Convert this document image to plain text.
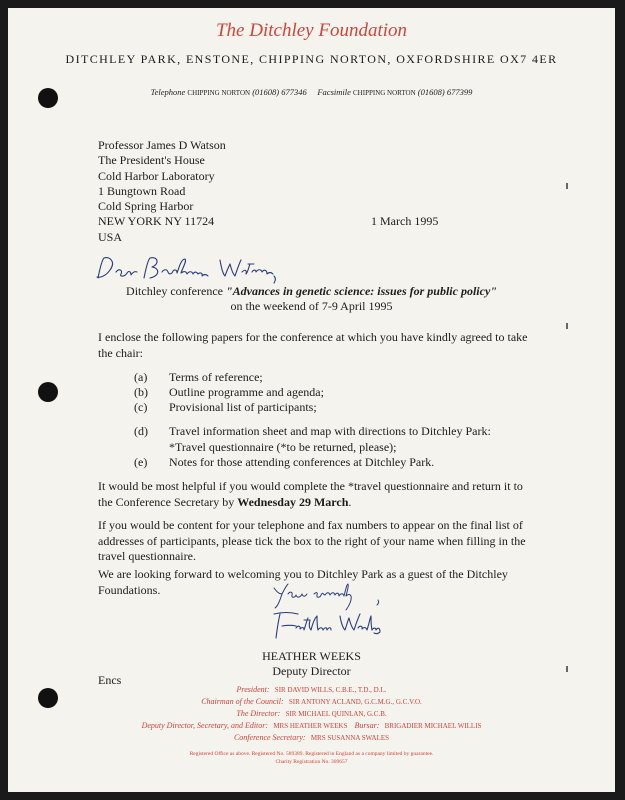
The Ditchley Foundation
DITCHLEY PARK, ENSTONE, CHIPPING NORTON, OXFORDSHIRE OX7 4ER
Telephone CHIPPING NORTON (01608) 677346 Facsimile CHIPPING NORTON (01608) 677399
Professor James D Watson
The President's House
Cold Harbor Laboratory
1 Bungtown Road
Cold Spring Harbor
NEW YORK NY 11724
USA
1 March 1995
Ditchley conference "Advances in genetic science: issues for public policy"
on the weekend of 7-9 April 1995
I enclose the following papers for the conference at which you have kindly agreed to take
the chair:
(a) Terms of reference;
(b) Outline programme and agenda;
(c) Provisional list of participants;
(d) Travel information sheet and map with directions to Ditchley Park:
*Travel questionnaire (*to be returned, please);
(e) Notes for those attending conferences at Ditchley Park.
It would be most helpful if you would complete the *travel questionnaire and return it to
the Conference Secretary by Wednesday 29 March.
If you would be content for your telephone and fax numbers to appear on the final list of
addresses of participants, please tick the box to the right of your name when filling in the
travel questionnaire.
We are looking forward to welcoming you to Ditchley Park as a guest of the Ditchley
Foundations.
HEATHER WEEKS
Deputy Director
Encs
President: SIR DAVID WILLS, C.B.E., T.D., D.L.
Chairman of the Council: SIR ANTONY ACLAND, G.C.M.G., G.C.V.O.
The Director: SIR MICHAEL QUINLAN, G.C.B.
Deputy Director, Secretary, and Editor: MRS HEATHER WEEKS Bursar: BRIGADIER MICHAEL WILLIS
Conference Secretary: MRS SUSANNA SWALES
Registered Office as above. Registered No. 589389. Registered in England as a company limited by guarantee.
Charity Registration No. 309657
